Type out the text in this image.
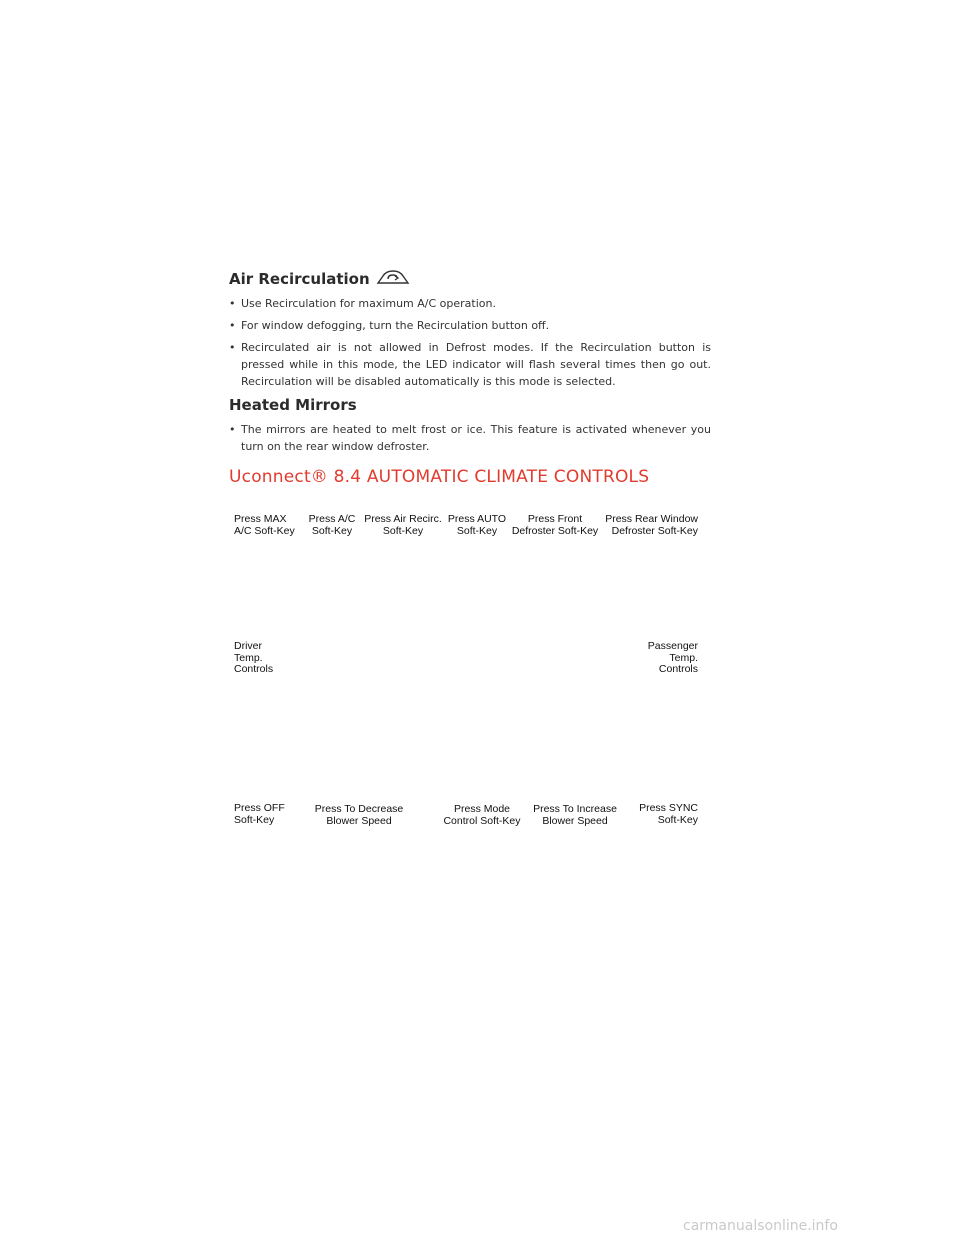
Air Recirculation
• Use Recirculation for maximum A/C operation.
• For window defogging, turn the Recirculation button off.
• Recirculated air is not allowed in Defrost modes. If the Recirculation button is pressed while in this mode, the LED indicator will flash several times then go out. Recirculation will be disabled automatically is this mode is selected.
Heated Mirrors
• The mirrors are heated to melt frost or ice. This feature is activated whenever you turn on the rear window defroster.
Uconnect® 8.4 AUTOMATIC CLIMATE CONTROLS

Press MAX
A/C Soft-Key

Press A/C
Soft-Key

Press Air Recirc.
Soft-Key

Press AUTO
Soft-Key

Press Front
Defroster Soft-Key

Press Rear Window
Defroster Soft-Key

Driver
Temp.
Controls

Passenger
Temp.
Controls

Press OFF
Soft-Key

Press To Decrease
Blower Speed

Press Mode
Control Soft-Key

Press To Increase
Blower Speed

Press SYNC
Soft-Key

carmanualsonline.info
